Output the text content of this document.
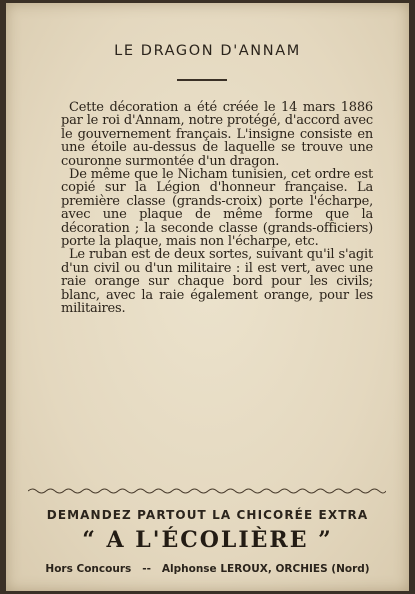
LE DRAGON D'ANNAM

Cette décoration a été créée le 14 mars 1886 par le roi d'Annam, notre protégé, d'accord avec le gouvernement français. L'insigne consiste en une étoile au-dessus de laquelle se trouve une couronne surmontée d'un dragon.

De même que le Nicham tunisien, cet ordre est copié sur la Légion d'honneur française. La première classe (grands-croix) porte l'écharpe, avec une plaque de même forme que la décoration ; la seconde classe (grands-officiers) porte la plaque, mais non l'écharpe, etc.

Le ruban est de deux sortes, suivant qu'il s'agit d'un civil ou d'un militaire : il est vert, avec une raie orange sur chaque bord pour les civils; blanc, avec la raie également orange, pour les militaires.

DEMANDEZ PARTOUT LA CHICORÉE EXTRA
“ A L'ÉCOLIÈRE ”
Hors Concours -- Alphonse LEROUX, ORCHIES (Nord)
